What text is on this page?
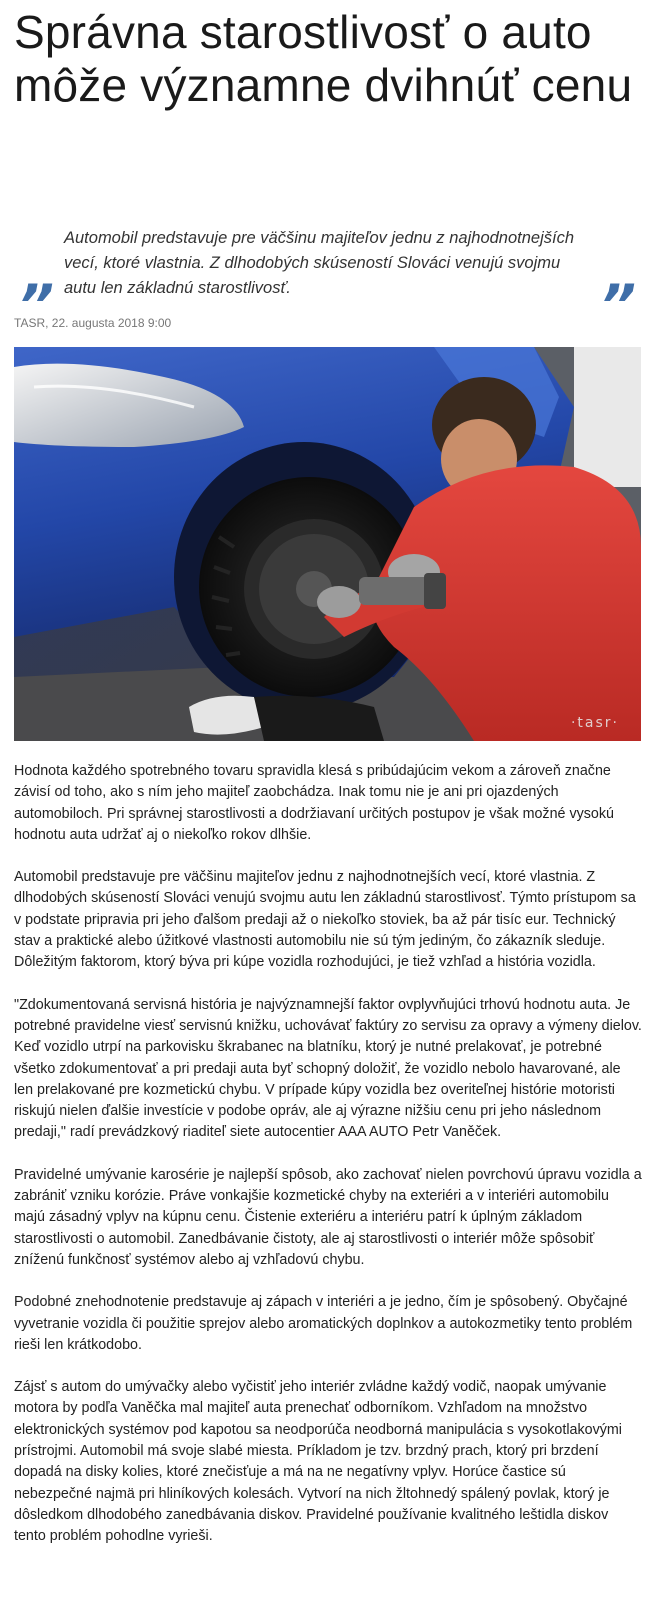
Správna starostlivosť o auto môže významne dvihnúť cenu
„

Automobil predstavuje pre väčšinu majiteľov jednu z najhodnotnejších vecí, ktoré vlastnia. Z dlhodobých skúseností Slováci venujú svojmu autu len základnú starostlivosť.	„

TASR, 22. augusta 2018 9:00

·tasr·

Hodnota každého spotrebného tovaru spravidla klesá s pribúdajúcim vekom a zároveň značne závisí od toho, ako s ním jeho majiteľ zaobchádza. Inak tomu nie je ani pri ojazdených automobiloch. Pri správnej starostlivosti a dodržiavaní určitých postupov je však možné vysokú hodnotu auta udržať aj o niekoľko rokov dlhšie.

Automobil predstavuje pre väčšinu majiteľov jednu z najhodnotnejších vecí, ktoré vlastnia. Z dlhodobých skúseností Slováci venujú svojmu autu len základnú starostlivosť. Týmto prístupom sa v podstate pripravia pri jeho ďalšom predaji až o niekoľko stoviek, ba až pár tisíc eur. Technický stav a praktické alebo úžitkové vlastnosti automobilu nie sú tým jediným, čo zákazník sleduje. Dôležitým faktorom, ktorý býva pri kúpe vozidla rozhodujúci, je tiež vzhľad a história vozidla.

"Zdokumentovaná servisná história je najvýznamnejší faktor ovplyvňujúci trhovú hodnotu auta. Je potrebné pravidelne viesť servisnú knižku, uchovávať faktúry zo servisu za opravy a výmeny dielov. Keď vozidlo utrpí na parkovisku škrabanec na blatníku, ktorý je nutné prelakovať, je potrebné všetko zdokumentovať a pri predaji auta byť schopný doložiť, že vozidlo nebolo havarované, ale len prelakované pre kozmetickú chybu. V prípade kúpy vozidla bez overiteľnej histórie motoristi riskujú nielen ďalšie investície v podobe opráv, ale aj výrazne nižšiu cenu pri jeho následnom predaji," radí prevádzkový riaditeľ siete autocentier AAA AUTO Petr Vaněček.

Pravidelné umývanie karosérie je najlepší spôsob, ako zachovať nielen povrchovú úpravu vozidla a zabrániť vzniku korózie. Práve vonkajšie kozmetické chyby na exteriéri a v interiéri automobilu majú zásadný vplyv na kúpnu cenu. Čistenie exteriéru a interiéru patrí k úplným základom starostlivosti o automobil. Zanedbávanie čistoty, ale aj starostlivosti o interiér môže spôsobiť zníženú funkčnosť systémov alebo aj vzhľadovú chybu.

Podobné znehodnotenie predstavuje aj zápach v interiéri a je jedno, čím je spôsobený. Obyčajné vyvetranie vozidla či použitie sprejov alebo aromatických doplnkov a autokozmetiky tento problém rieši len krátkodobo.

Zájsť s autom do umývačky alebo vyčistiť jeho interiér zvládne každý vodič, naopak umývanie motora by podľa Vaněčka mal majiteľ auta prenechať odborníkom. Vzhľadom na množstvo elektronických systémov pod kapotou sa neodporúča neodborná manipulácia s vysokotlakovými prístrojmi. Automobil má svoje slabé miesta. Príkladom je tzv. brzdný prach, ktorý pri brzdení dopadá na disky kolies, ktoré znečisťuje a má na ne negatívny vplyv. Horúce častice sú nebezpečné najmä pri hliníkových kolesách. Vytvorí na nich žltohnedý spálený povlak, ktorý je dôsledkom dlhodobého zanedbávania diskov. Pravidelné používanie kvalitného leštidla diskov tento problém pohodlne vyrieši.
